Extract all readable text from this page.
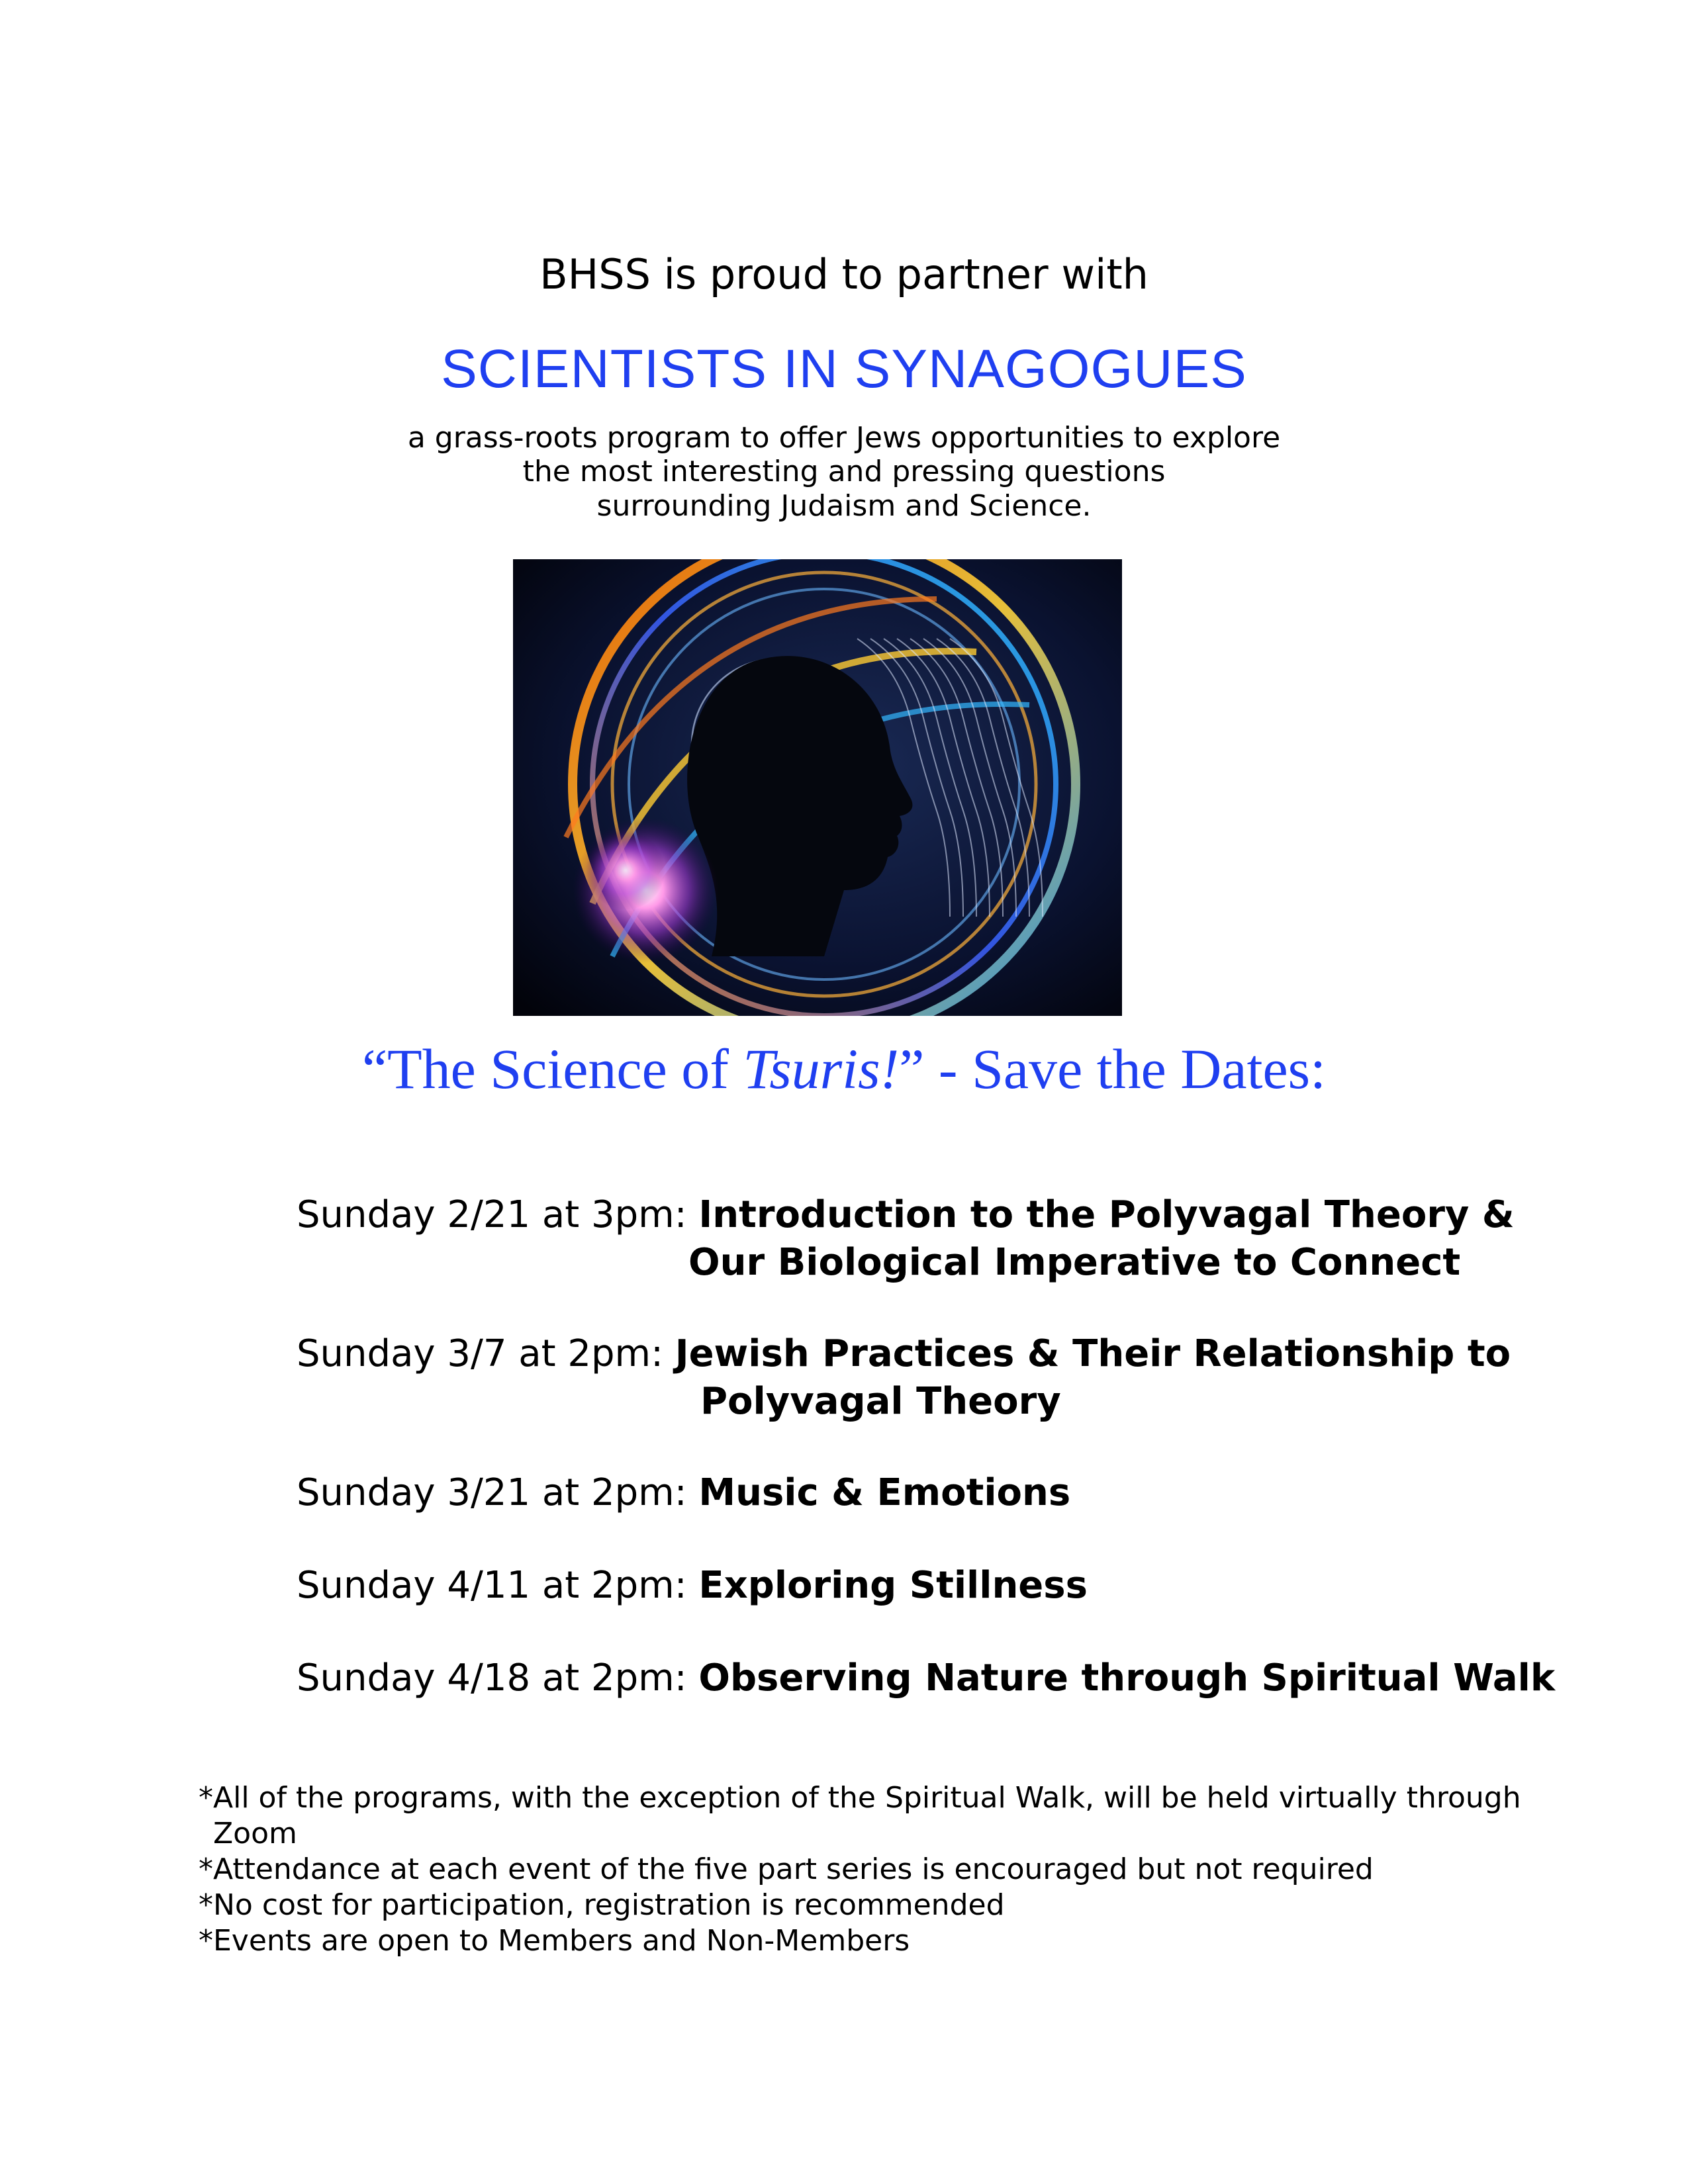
BHSS is proud to partner with
SCIENTISTS IN SYNAGOGUES
a grass-roots program to offer Jews opportunities to explore
the most interesting and pressing questions
surrounding Judaism and Science.
“The Science of Tsuris!” - Save the Dates:
Sunday 2/21 at 3pm: Introduction to the Polyvagal Theory &
Our Biological Imperative to Connect
Sunday 3/7 at 2pm: Jewish Practices & Their Relationship to
Polyvagal Theory
Sunday 3/21 at 2pm: Music & Emotions
Sunday 4/11 at 2pm: Exploring Stillness
Sunday 4/18 at 2pm: Observing Nature through Spiritual Walk
*All of the programs, with the exception of the Spiritual Walk, will be held virtually through
Zoom
*Attendance at each event of the five part series is encouraged but not required
*No cost for participation, registration is recommended
*Events are open to Members and Non-Members
